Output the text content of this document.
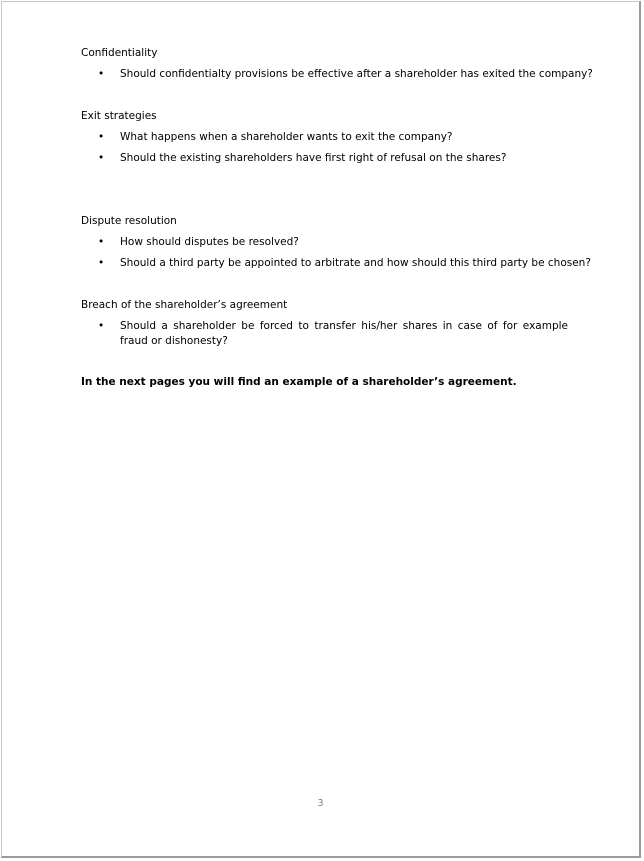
Confidentiality
•	Should confidentialty provisions be effective after a shareholder has exited the company?
Exit strategies
•	What happens when a shareholder wants to exit the company?
•	Should the existing shareholders have first right of refusal on the shares?
Dispute resolution
•	How should disputes be resolved?
•	Should a third party be appointed to arbitrate and how should this third party be chosen?
Breach of the shareholder’s agreement
•	Should a shareholder be forced to transfer his/her shares in case of for example fraud or dishonesty?
In the next pages you will find an example of a shareholder’s agreement.
3
